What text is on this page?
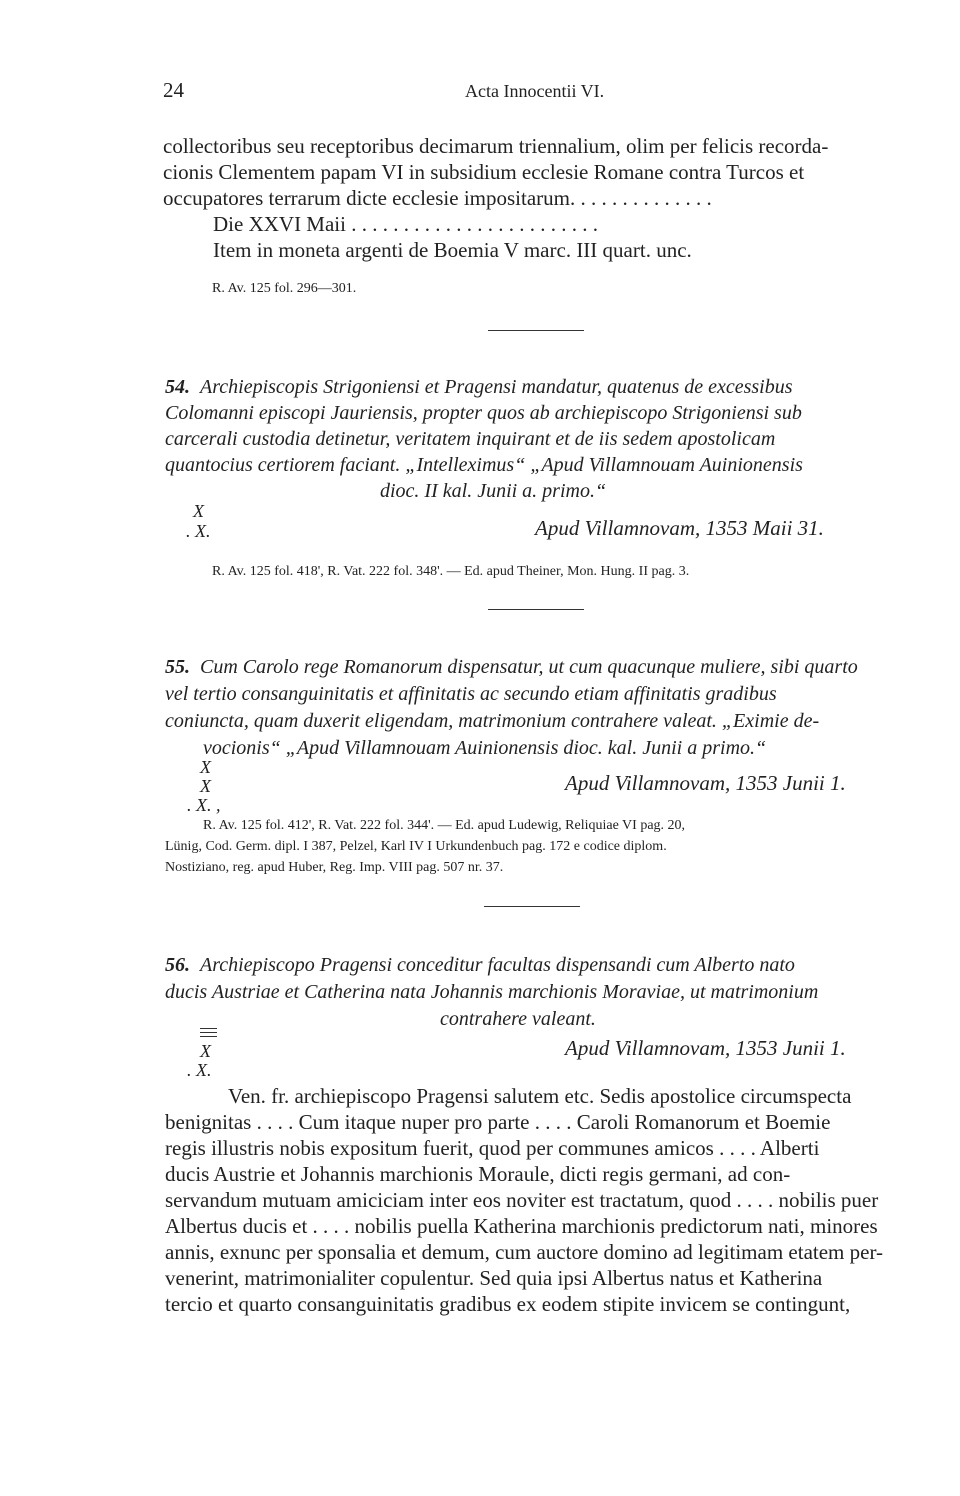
24	Acta Innocentii VI.
collectoribus seu receptoribus decimarum triennalium, olim per felicis recorda-
cionis Clementem papam VI in subsidium ecclesie Romane contra Turcos et
occupatores terrarum dicte ecclesie impositarum. . . . . . . . . . . . . .
Die XXVI Maii . . . . . . . . . . . . . . . . . . . . . . . .
Item in moneta argenti de Boemia V marc. III quart. unc.
R. Av. 125 fol. 296—301.
54. Archiepiscopis Strigoniensi et Pragensi mandatur, quatenus de excessibus
Colomanni episcopi Jauriensis, propter quos ab archiepiscopo Strigoniensi sub
carcerali custodia detinetur, veritatem inquirant et de iis sedem apostolicam
quantocius certiorem faciant. „Intelleximus“ „Apud Villamnouam Auinionensis
dioc. II kal. Junii a. primo.“
X
. X.	Apud Villamnovam, 1353 Maii 31.
R. Av. 125 fol. 418', R. Vat. 222 fol. 348'. — Ed. apud Theiner, Mon. Hung. II pag. 3.
55. Cum Carolo rege Romanorum dispensatur, ut cum quacunque muliere, sibi quarto
vel tertio consanguinitatis et affinitatis ac secundo etiam affinitatis gradibus
coniuncta, quam duxerit eligendam, matrimonium contrahere valeat. „Eximie de-
vocionis“ „Apud Villamnouam Auinionensis dioc. kal. Junii a primo.“
X
X
. X. ,
Apud Villamnovam, 1353 Junii 1.
R. Av. 125 fol. 412', R. Vat. 222 fol. 344'. — Ed. apud Ludewig, Reliquiae VI pag. 20,
Lünig, Cod. Germ. dipl. I 387, Pelzel, Karl IV I Urkundenbuch pag. 172 e codice diplom.
Nostiziano, reg. apud Huber, Reg. Imp. VIII pag. 507 nr. 37.
56. Archiepiscopo Pragensi conceditur facultas dispensandi cum Alberto nato
ducis Austriae et Catherina nata Johannis marchionis Moraviae, ut matrimonium
contrahere valeant.
X
. X.
Apud Villamnovam, 1353 Junii 1.
Ven. fr. archiepiscopo Pragensi salutem etc. Sedis apostolice circumspecta
benignitas . . . . Cum itaque nuper pro parte . . . . Caroli Romanorum et Boemie
regis illustris nobis expositum fuerit, quod per communes amicos . . . . Alberti
ducis Austrie et Johannis marchionis Moraule, dicti regis germani, ad con-
servandum mutuam amiciciam inter eos noviter est tractatum, quod . . . . nobilis puer
Albertus ducis et . . . . nobilis puella Katherina marchionis predictorum nati, minores
annis, exnunc per sponsalia et demum, cum auctore domino ad legitimam etatem per-
venerint, matrimonialiter copulentur. Sed quia ipsi Albertus natus et Katherina
tercio et quarto consanguinitatis gradibus ex eodem stipite invicem se contingunt,
